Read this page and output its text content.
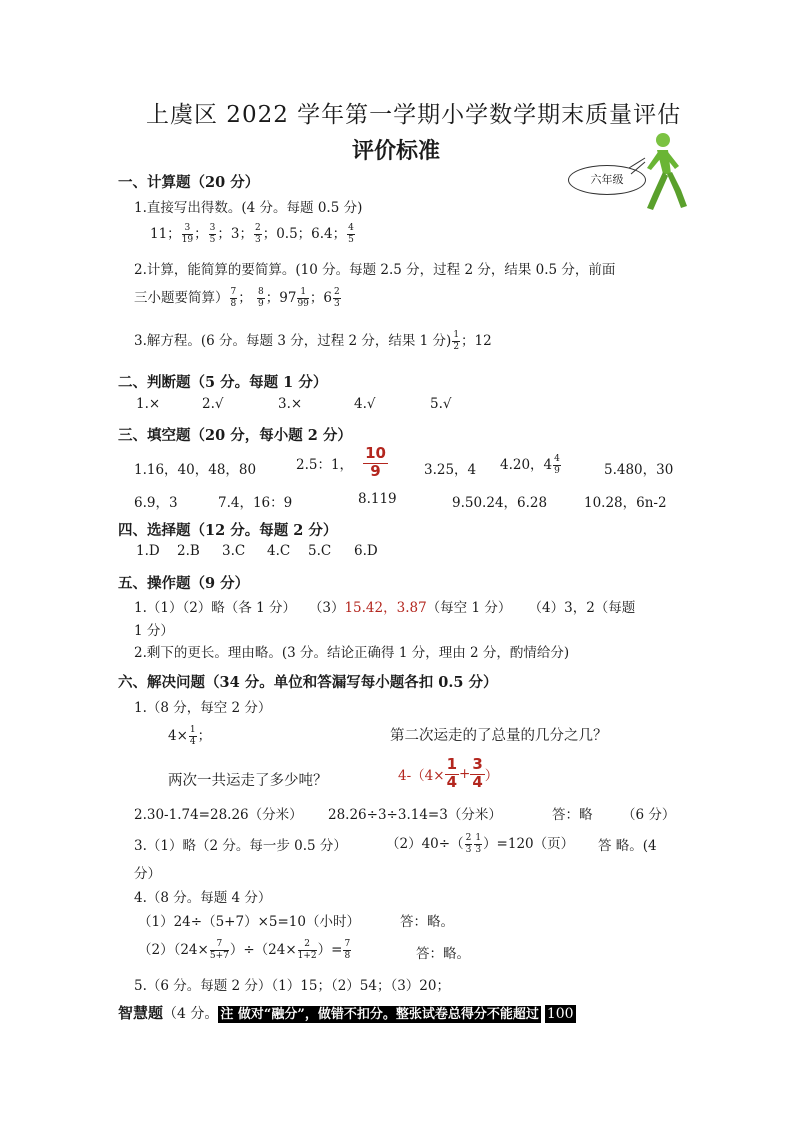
上虞区 2022 学年第一学期小学数学期末质量评估
评价标准
六年级
一、计算题（20 分）
1.直接写出得数。(4 分。每题 0.5 分)
11； $\frac{3}{19}$ ； $\frac{3}{5}$ ；3； $\frac{2}{3}$ ；0.5；6.4； $\frac{4}{5}$
2.计算，能简算的要简算。(10 分。每题 2.5 分，过程 2 分，结果 0.5 分，前面
三小题要简算） $\frac{7}{8}$ ； $\frac{8}{9}$ ；$97 \frac{1}{99}$ ；$6 \frac{2}{3}$
3.解方程。(6 分。每题 3 分，过程 2 分，结果 1 分) $\frac{1}{2}$ ；12
二、判断题（5 分。每题 1 分）
1.×	2.√	3.×	4.√	5.√
三、填空题（20 分，每小题 2 分）
1.16，40，48，80	2.5：1， $\frac{10}{9}$	3.25，4 4.20，$4 \frac{4}{9}$	5.480，30
6.9，3	7.4，16：9	8.119	9.50.24，6.28	10.28，6n-2
四、选择题（12 分。每题 2 分）
1.D 2.B 3.C 4.C 5.C 6.D
五、操作题（9 分）
1.（1）（2）略（各 1 分） （3）15.42，3.87（每空 1 分） （4）3，2（每题
1 分）
2.剩下的更长。理由略。(3 分。结论正确得 1 分，理由 2 分，酌情给分)
六、解决问题（34 分。单位和答漏写每小题各扣 0.5 分）
1.（8 分，每空 2 分）
$4\times \frac{1}{4}$ ；	第二次运走的了总量的几分之几？
两次一共运走了多少吨？	$4-(4\times \frac{1}{4} + \frac{3}{4}$ ）
2.30-1.74=28.26（分米） 28.26÷3÷3.14=3（分米）	答：略 （6 分）
3.（1）略（2 分。每一步 0.5 分）	$(2)40\div( \frac{2}{3} \frac{1}{3} )=120$（页） 答 略。(4
分）
4.（8 分。每题 4 分）
（1）24÷（5+7）×5=10（小时）	答：略。
$(2)(24\times \frac{7}{5+7} )\div(24\times \frac{2}{1+2}$ ）= $\frac{7}{8}$	答：略。
5.（6 分。每题 2 分）（1）15；（2）54；（3）20；
智慧题（4 分。 注 做对“融分”，做错不扣分。整张试卷总得分不能超过 100
